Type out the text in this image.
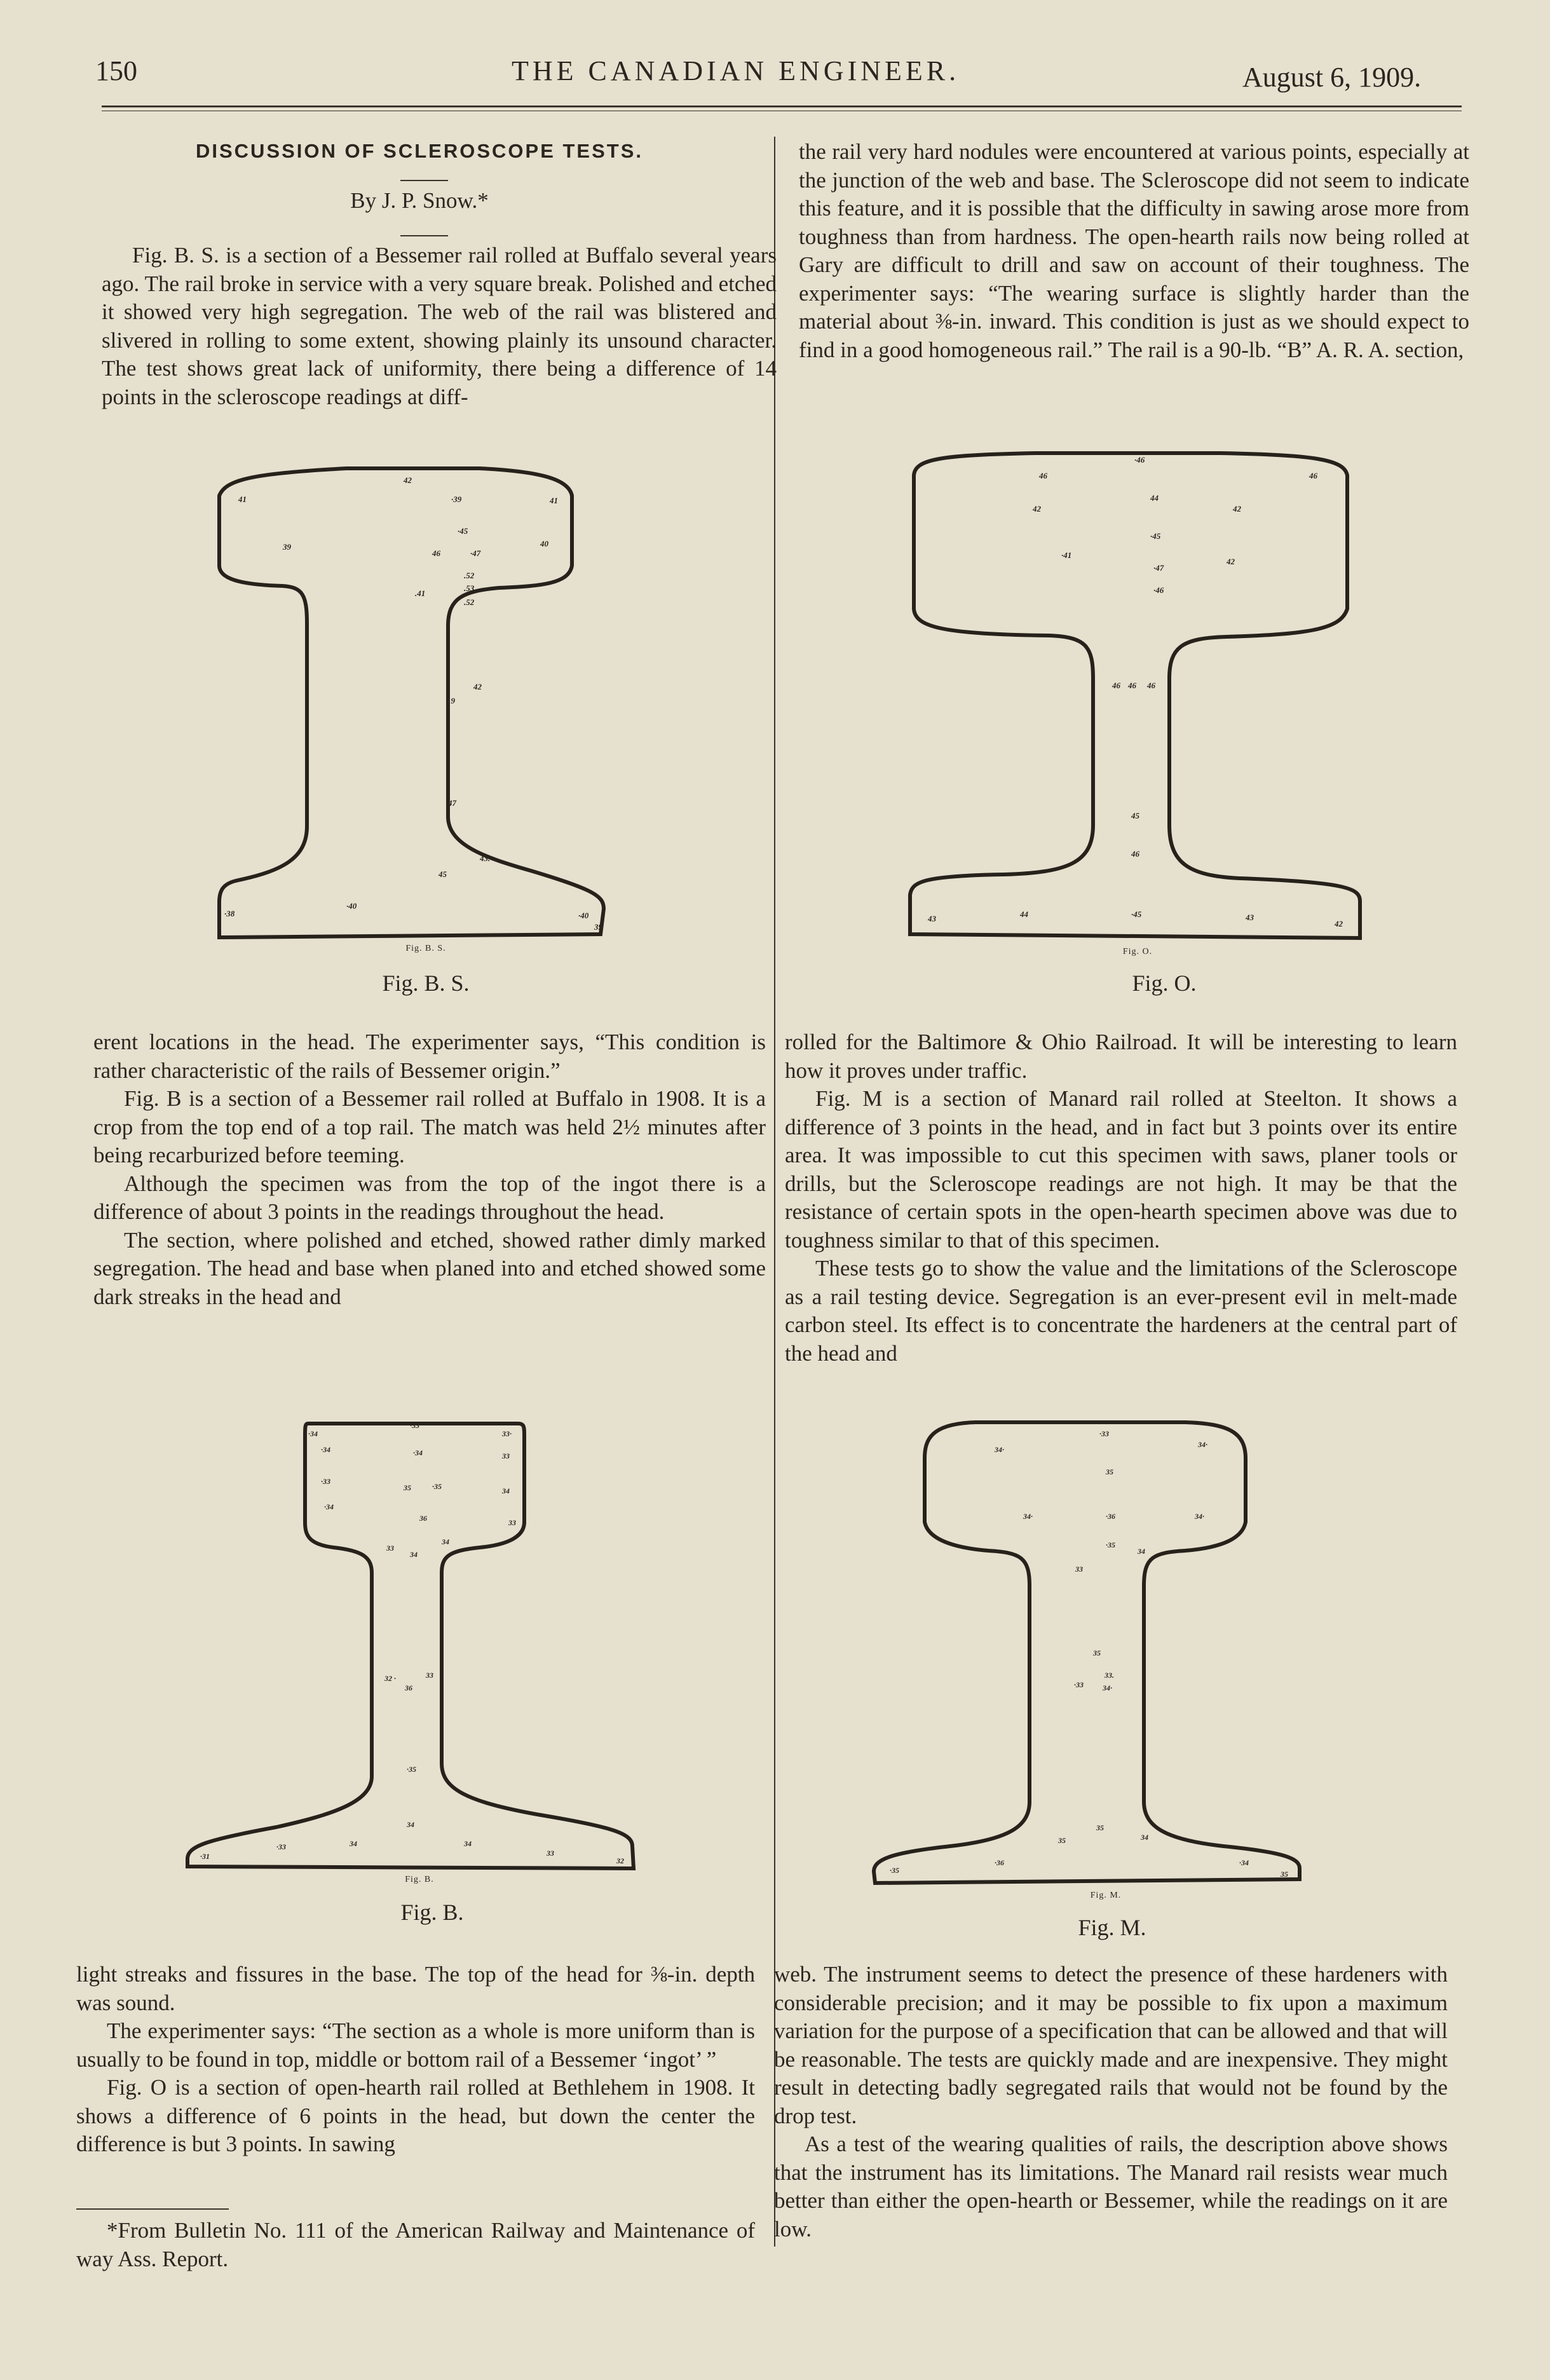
150	THE CANADIAN ENGINEER.	August 6, 1909.
DISCUSSION OF SCLEROSCOPE TESTS.
By J. P. Snow.*

Fig. B. S. is a section of a Bessemer rail rolled at Buffalo several years ago. The rail broke in service with a very square break. Polished and etched it showed very high segregation. The web of the rail was blistered and slivered in rolling to some extent, showing plainly its unsound character. The test shows great lack of uniformity, there being a difference of 14 points in the scleroscope readings at diff-

the rail very hard nodules were encountered at various points, especially at the junction of the web and base. The Scleroscope did not seem to indicate this feature, and it is possible that the difficulty in sawing arose more from toughness than from hardness. The open-hearth rails now being rolled at Gary are difficult to drill and saw on account of their toughness. The experimenter says: “The wearing surface is slightly harder than the material about ⅜-in. inward. This condition is just as we should expect to find in a good homogeneous rail.” The rail is a 90-lb. “B” A. R. A. section,

42
41	·39	41
39
·45
40
46	·47
.52
.41
.53
.52
42
19
47
43.
45
·38
·40
·40
39
Fig. B. S.
Fig. B. S.
·46
46	46
42
44
42
·45
·41
·47
42
·46
46 46 46
45
46
43	44	·45	43
42
Fig. O.
Fig. O.

erent locations in the head. The experimenter says, “This condition is rather characteristic of the rails of Bessemer origin.”

Fig. B is a section of a Bessemer rail rolled at Buffalo in 1908. It is a crop from the top end of a top rail. The match was held 2½ minutes after being recarburized before teeming.

Although the specimen was from the top of the ingot there is a difference of about 3 points in the readings throughout the head.

The section, where polished and etched, showed rather dimly marked segregation. The head and base when planed into and etched showed some dark streaks in the head and

rolled for the Baltimore & Ohio Railroad. It will be interesting to learn how it proves under traffic.

Fig. M is a section of Manard rail rolled at Steelton. It shows a difference of 3 points in the head, and in fact but 3 points over its entire area. It was impossible to cut this specimen with saws, planer tools or drills, but the Scleroscope readings are not high. It may be that the resistance of certain spots in the open-hearth specimen above was due to toughness similar to that of this specimen.

These tests go to show the value and the limitations of the Scleroscope as a rail testing device. Segregation is an ever-present evil in melt-made carbon steel. Its effect is to concentrate the hardeners at the central part of the head and

·33
·34	33·
·34	·34	33
·33
35	·35	34
·34
36	33
34
33
34
32 ·	33
36
·35
34
·31
·33	34	34
33
32
Fig. B.
Fig. B.
·33
34·
34·
35
34·	·36	34·
·35
34
33
35
33.
·33	34·
35
34
35
·35
·36	·34
35
Fig. M.
Fig. M.

light streaks and fissures in the base. The top of the head for ⅜-in. depth was sound.

The experimenter says: “The section as a whole is more uniform than is usually to be found in top, middle or bottom rail of a Bessemer ‘ingot’ ”

Fig. O is a section of open-hearth rail rolled at Bethlehem in 1908. It shows a difference of 6 points in the head, but down the center the difference is but 3 points. In sawing

*From Bulletin No. 111 of the American Railway and Maintenance of way Ass. Report.

web. The instrument seems to detect the presence of these hardeners with considerable precision; and it may be possible to fix upon a maximum variation for the purpose of a specification that can be allowed and that will be reasonable. The tests are quickly made and are inexpensive. They might result in detecting badly segregated rails that would not be found by the drop test.

As a test of the wearing qualities of rails, the description above shows that the instrument has its limitations. The Manard rail resists wear much better than either the open-hearth or Bessemer, while the readings on it are low.
